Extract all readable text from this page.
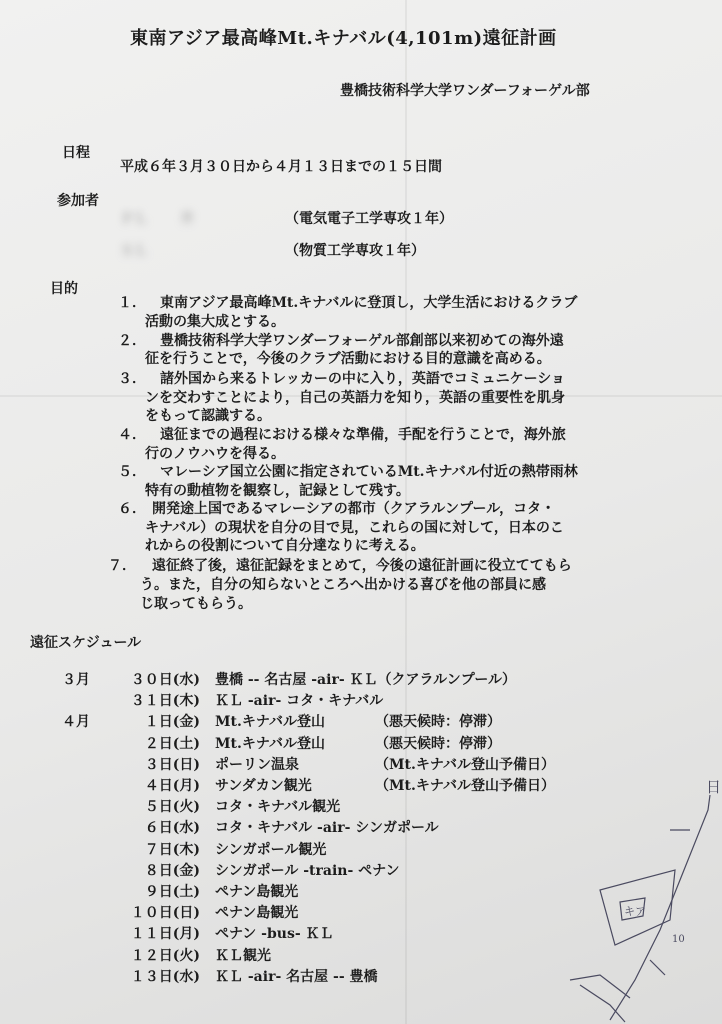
東南アジア最高峰Mt.キナバル(4,101m)遠征計画
豊橋技術科学大学ワンダーフォーゲル部
日程
平成６年３月３０日から４月１３日までの１５日間
参加者
ＰＬ 井	（電気電子工学専攻１年）
ＳＬ	（物質工学専攻１年）
目的
１． 東南アジア最高峰Mt.キナバルに登頂し，大学生活におけるクラブ
活動の集大成とする。
２． 豊橋技術科学大学ワンダーフォーゲル部創部以来初めての海外遠
征を行うことで，今後のクラブ活動における目的意識を高める。
３． 諸外国から来るトレッカーの中に入り，英語でコミュニケーショ
ンを交わすことにより，自己の英語力を知り，英語の重要性を肌身
をもって認識する。
４． 遠征までの過程における様々な準備，手配を行うことで，海外旅
行のノウハウを得る。
５． マレーシア国立公園に指定されているMt.キナバル付近の熱帯雨林
特有の動植物を観察し，記録として残す。
６． 開発途上国であるマレーシアの都市（クアラルンプール，コタ・
キナバル）の現状を自分の目で見，これらの国に対して，日本のこ
れからの役割について自分達なりに考える。
７． 遠征終了後，遠征記録をまとめて，今後の遠征計画に役立ててもら
う。また，自分の知らないところへ出かける喜びを他の部員に感
じ取ってもらう。
遠征スケジュール
３月	３０日(水) 豊橋 -- 名古屋 -air- ＫＬ（クアラルンプール）
３１日(木) ＫＬ -air- コタ・キナバル
４月	１日(金) Mt.キナバル登山	（悪天候時：停滞）
２日(土) Mt.キナバル登山	（悪天候時：停滞）
３日(日) ポーリン温泉	（Mt.キナバル登山予備日）
４日(月) サンダカン観光	（Mt.キナバル登山予備日）
５日(火) コタ・キナバル観光
６日(水) コタ・キナバル -air- シンガポール
７日(木) シンガポール観光
８日(金) シンガポール -train- ペナン
９日(土) ペナン島観光
１０日(日) ペナン島観光
１１日(月) ペナン -bus- ＫＬ
１２日(火) ＫＬ観光
１３日(水) ＫＬ -air- 名古屋 -- 豊橋
日
キア
10
